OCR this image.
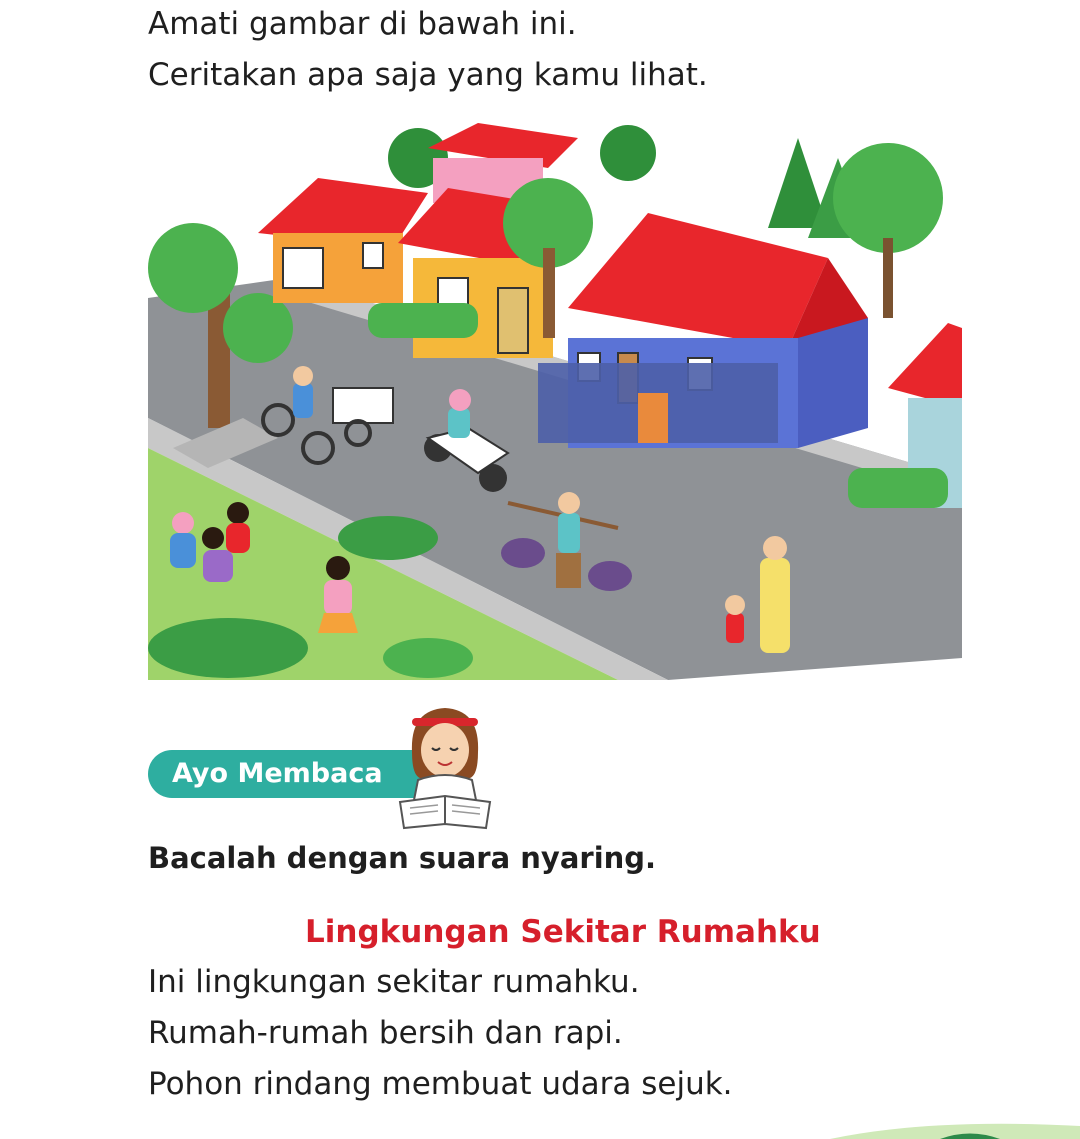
Amati gambar di bawah ini.
Ceritakan apa saja yang kamu lihat.
Ayo Membaca
Bacalah dengan suara nyaring.
Lingkungan Sekitar Rumahku
Ini lingkungan sekitar rumahku.
Rumah-rumah bersih dan rapi.
Pohon rindang membuat udara sejuk.
